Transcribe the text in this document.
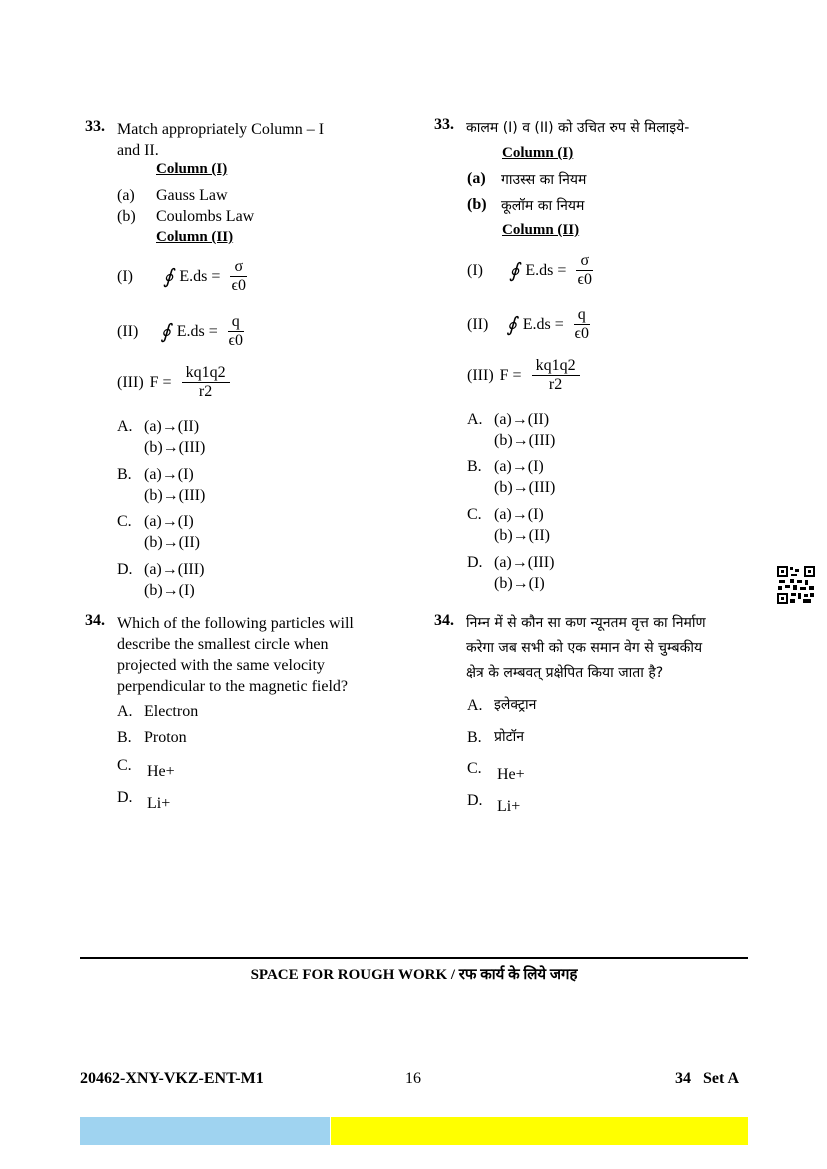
33. Match appropriately Column – I
and II.
Column (I)
(a) Gauss Law
(b) Coulombs Law
Column (II)
(I) ∮ $E.ds = \frac{\sigma}{\epsilon 0}$
(II) ∮ $E.ds = \frac{q}{\epsilon 0}$
(III) $F = \frac{kq1q2}{r2}$
A. (a)→(II)
(b)→(III)
B. (a)→(I)
(b)→(III)
C. (a)→(I)
(b)→(II)
D. (a)→(III)
(b)→(I)
33. कालम (I) व (II) को उचित रुप से मिलाइये-
Column (I)
(a) गाउस्स का नियम
(b) कूलॉम का नियम
Column (II)
(I) ∮ $E.ds = \frac{\sigma}{\epsilon 0}$
(II) ∮ $E.ds = \frac{q}{\epsilon 0}$
(III) $F = \frac{kq1q2}{r2}$
A. (a)→(II)
(b)→(III)
B. (a)→(I)
(b)→(III)
C. (a)→(I)
(b)→(II)
D. (a)→(III)
(b)→(I)
34. Which of the following particles will
describe the smallest circle when
projected with the same velocity
perpendicular to the magnetic field?
A. Electron
B. Proton
C. He+
D. Li+
34. निम्न में से कौन सा कण न्यूनतम वृत्त का निर्माण
करेगा जब सभी को एक समान वेग से चुम्बकीय
क्षेत्र के लम्बवत् प्रक्षेपित किया जाता है?
A. इलेक्ट्रान
B. प्रोटॉन
C. He+
D. Li+
SPACE FOR ROUGH WORK / रफ कार्य के लिये जगह
20462-XNY-VKZ-ENT-M1	16	34   Set A
